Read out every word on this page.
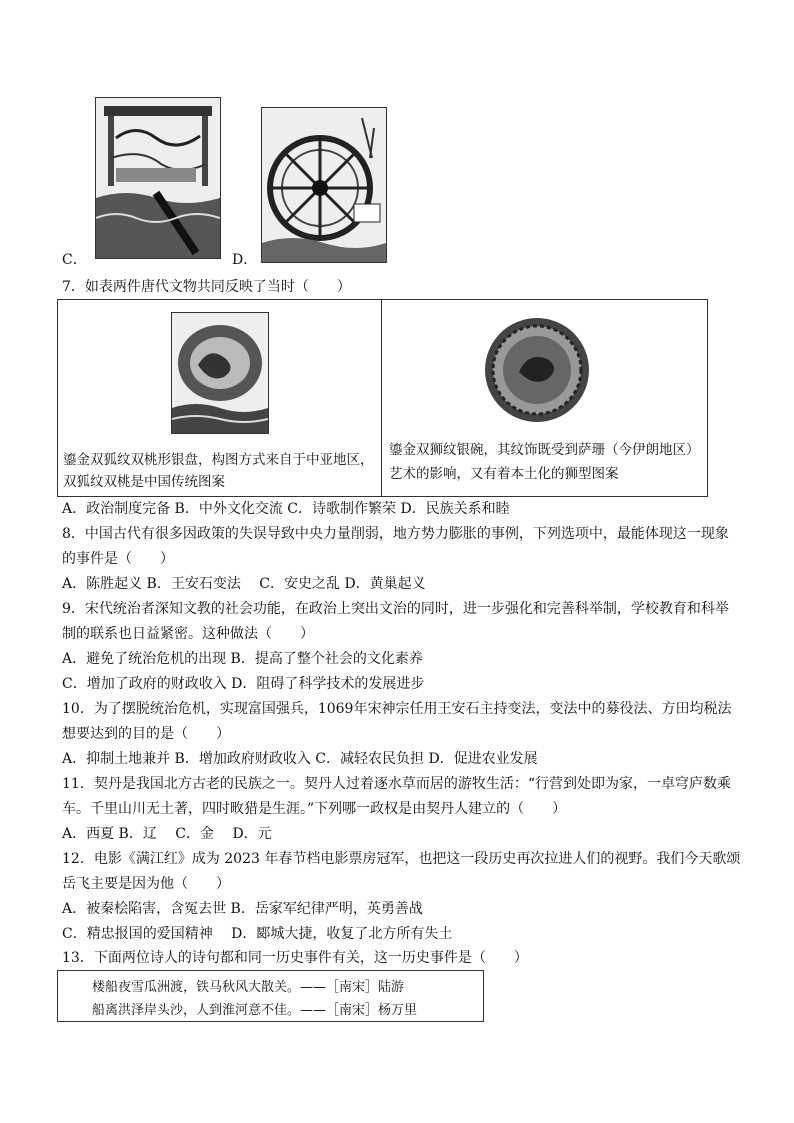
C．	D．
7．如表两件唐代文物共同反映了当时（　　）
鎏金双狐纹双桃形银盘，构图方式来自于中亚地区，
双狐纹双桃是中国传统图案
鎏金双狮纹银碗，其纹饰既受到萨珊（今伊朗地区）
艺术的影响，又有着本土化的狮型图案
A．政治制度完备 B．中外文化交流 C．诗歌制作繁荣 D．民族关系和睦
8．中国古代有很多因政策的失误导致中央力量削弱，地方势力膨胀的事例，下列选项中，最能体现这一现象
的事件是（　　）
A．陈胜起义 B．王安石变法　 C．安史之乱 D．黄巢起义
9．宋代统治者深知文教的社会功能，在政治上突出文治的同时，进一步强化和完善科举制，学校教育和科举
制的联系也日益紧密。这种做法（　　）
A．避免了统治危机的出现 B．提高了整个社会的文化素养
C．增加了政府的财政收入 D．阻碍了科学技术的发展进步
10．为了摆脱统治危机，实现富国强兵，1069年宋神宗任用王安石主持变法，变法中的募役法、方田均税法
想要达到的目的是（　　）
A．抑制土地兼并 B．增加政府财政收入 C．减轻农民负担 D．促进农业发展
11．契丹是我国北方古老的民族之一。契丹人过着逐水草而居的游牧生活：“行营到处即为家，一卓穹庐数乘
车。千里山川无土著，四时畋猎是生涯。”下列哪一政权是由契丹人建立的（　　）
A．西夏 B．辽　 C．金　 D．元
12．电影《满江红》成为 2023 年春节档电影票房冠军，也把这一段历史再次拉进人们的视野。我们今天歌颂
岳飞主要是因为他（　　）
A．被秦桧陷害，含冤去世 B．岳家军纪律严明，英勇善战
C．精忠报国的爱国精神　 D．郾城大捷，收复了北方所有失土
13．下面两位诗人的诗句都和同一历史事件有关，这一历史事件是（　　）
楼船夜雪瓜洲渡，铁马秋风大散关。——［南宋］陆游
船离洪泽岸头沙，人到淮河意不佳。——［南宋］杨万里
